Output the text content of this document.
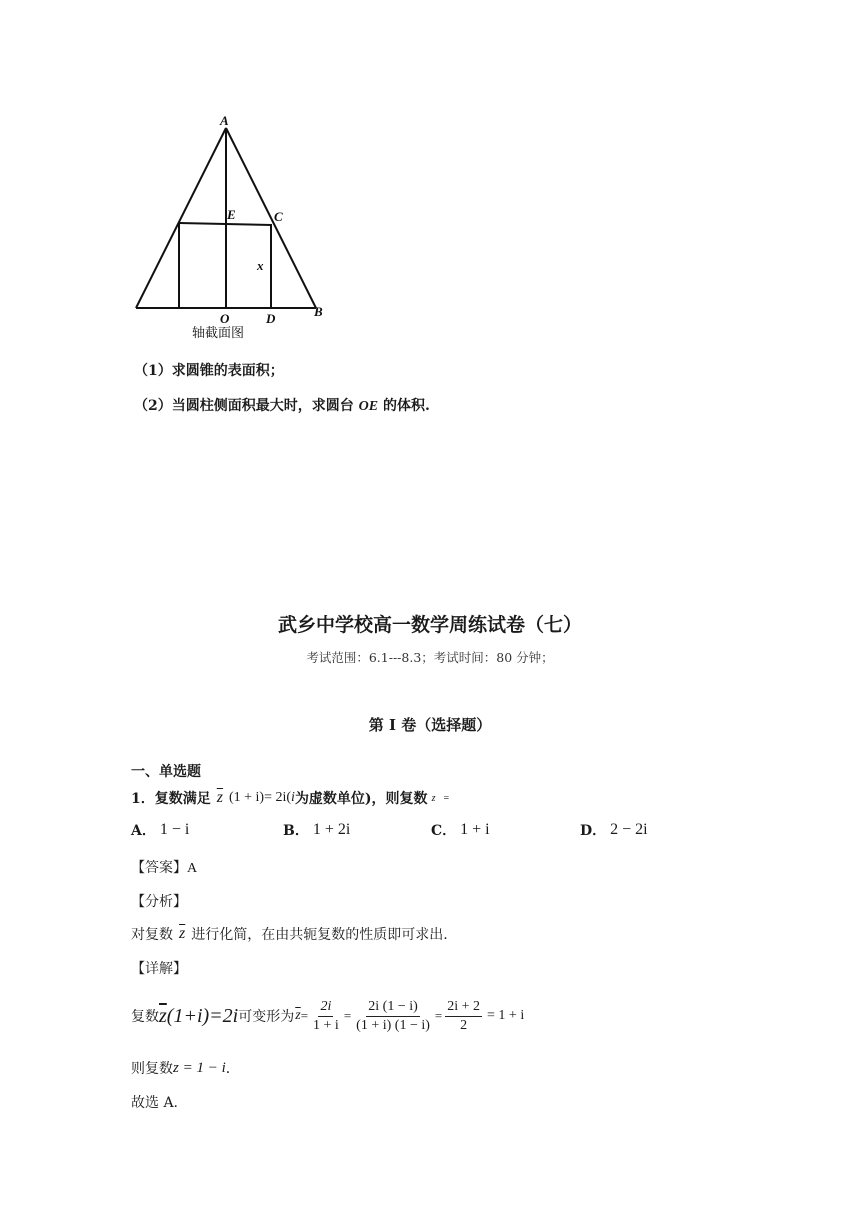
A
E	C
x
O	D	B
轴截面图
（1）求圆锥的表面积；
（2）当圆柱侧面积最大时，求圆台 OE 的体积.
武乡中学校高一数学周练试卷（七）
考试范围：6.1---8.3；考试时间：80 分钟；
第 I 卷（选择题）
一、单选题
1． 复数满足 $\overline{z}$ (1 + i) = 2i( i 为虚数单位)，则复数 z =
A． 1 − i	B． 1 + 2i	C． 1 + i	D． 2 − 2i
【答案】A
【分析】
对复数 $\overline{z}$ 进行化简，在由共轭复数的性质即可求出.
【详解】
复数 $\overline{z}$ (1+i)=2i 可变形为 $\overline{z} = \frac{2i}{1 + i} = \frac{2i (1 - i)}{(1 + i) (1 - i)} = \frac{2i + 2}{2} = 1 + i$
则复数 z = 1 − i ．
故选 A.
